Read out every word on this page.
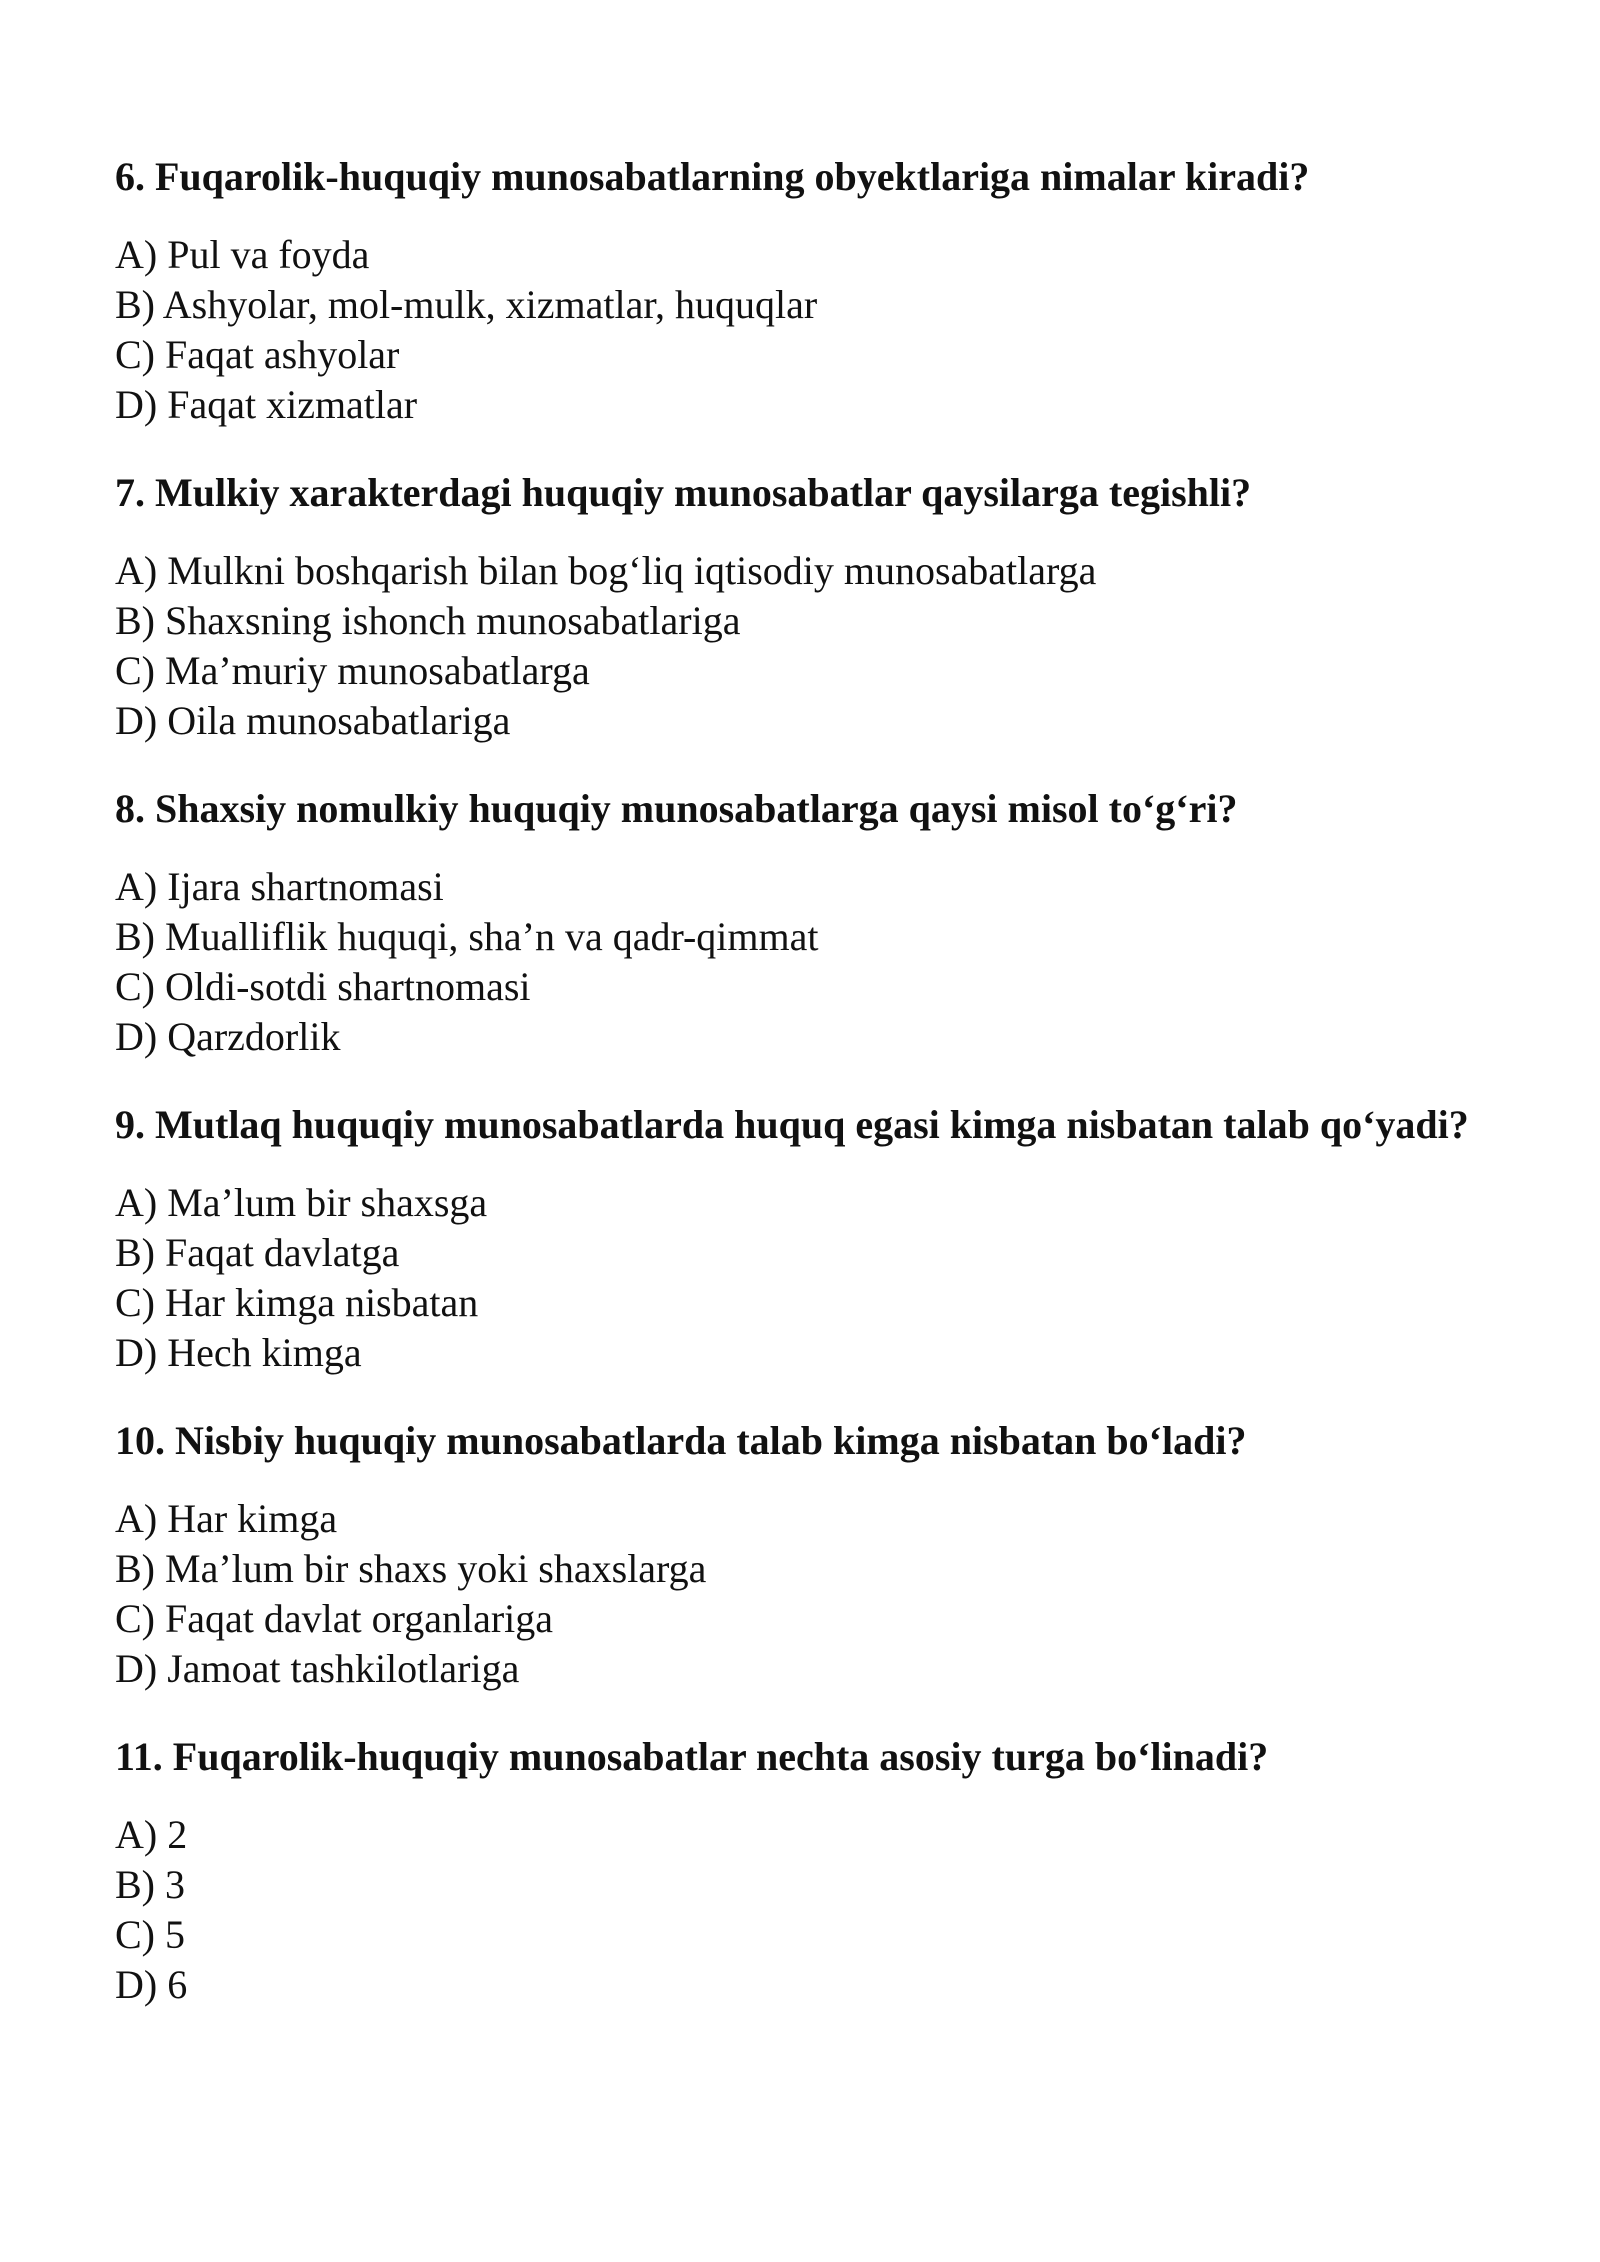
6. Fuqarolik-huquqiy munosabatlarning obyektlariga nimalar kiradi?

A) Pul va foyda
B) Ashyolar, mol-mulk, xizmatlar, huquqlar
C) Faqat ashyolar
D) Faqat xizmatlar

7. Mulkiy xarakterdagi huquqiy munosabatlar qaysilarga tegishli?

A) Mulkni boshqarish bilan bog‘liq iqtisodiy munosabatlarga
B) Shaxsning ishonch munosabatlariga
C) Ma’muriy munosabatlarga
D) Oila munosabatlariga

8. Shaxsiy nomulkiy huquqiy munosabatlarga qaysi misol to‘g‘ri?

A) Ijara shartnomasi
B) Mualliflik huquqi, sha’n va qadr-qimmat
C) Oldi-sotdi shartnomasi
D) Qarzdorlik

9. Mutlaq huquqiy munosabatlarda huquq egasi kimga nisbatan talab qo‘yadi?

A) Ma’lum bir shaxsga
B) Faqat davlatga
C) Har kimga nisbatan
D) Hech kimga

10. Nisbiy huquqiy munosabatlarda talab kimga nisbatan bo‘ladi?

A) Har kimga
B) Ma’lum bir shaxs yoki shaxslarga
C) Faqat davlat organlariga
D) Jamoat tashkilotlariga

11. Fuqarolik-huquqiy munosabatlar nechta asosiy turga bo‘linadi?

A) 2
B) 3
C) 5
D) 6
